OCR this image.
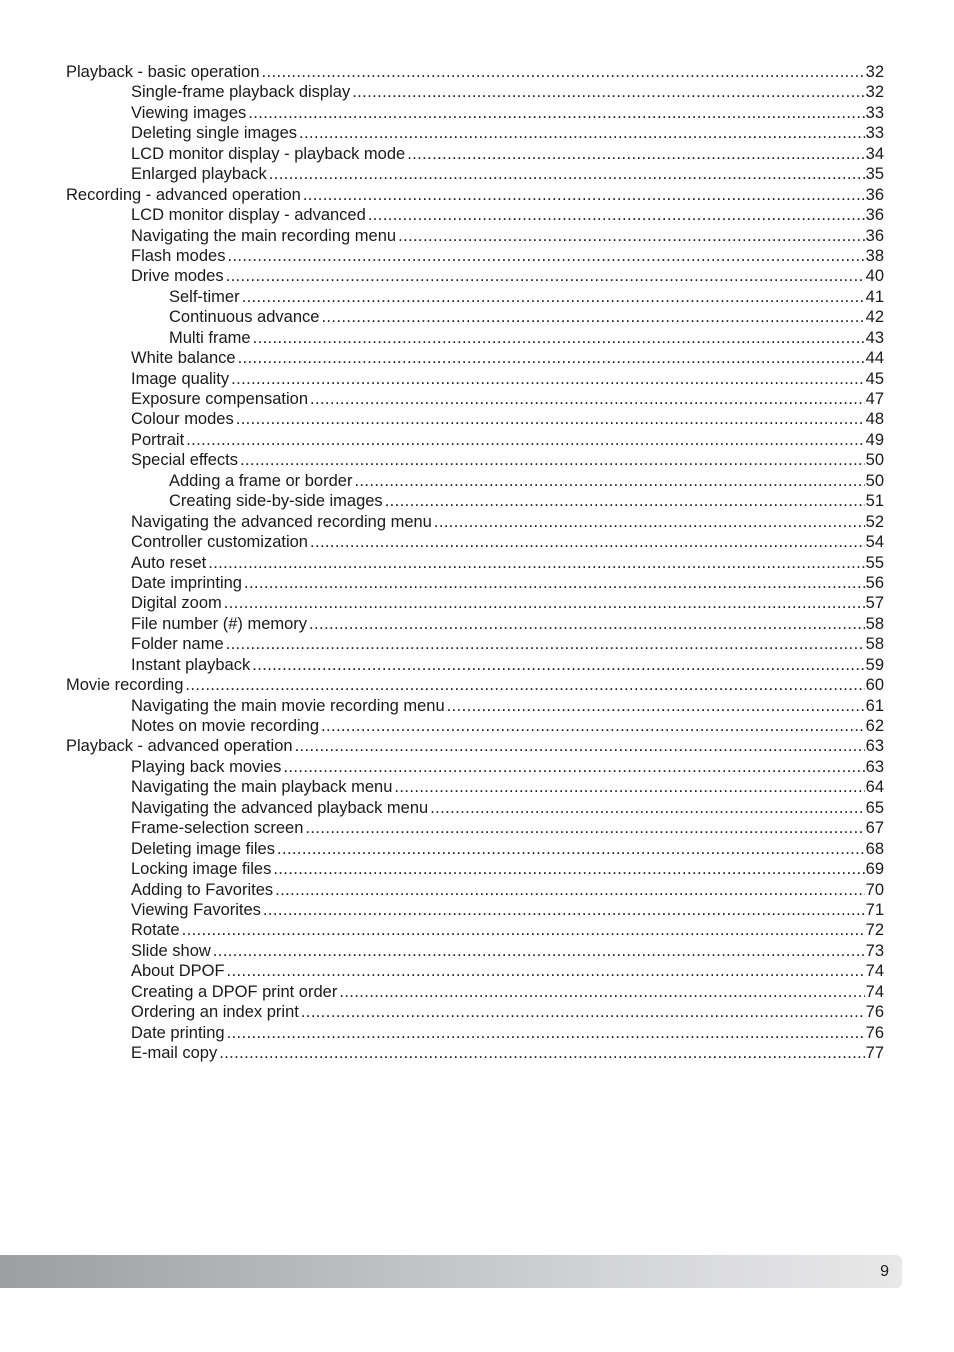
Playback - basic operation .....	32
Single-frame playback display .....	32
Viewing images .....	33
Deleting single images .....	33
LCD monitor display - playback mode .....	34
Enlarged playback .....	35
Recording - advanced operation .....	36
LCD monitor display - advanced .....	36
Navigating the main recording menu .....	36
Flash modes .....	38
Drive modes .....	40
Self-timer .....	41
Continuous advance .....	42
Multi frame .....	43
White balance .....	44
Image quality .....	45
Exposure compensation .....	47
Colour modes .....	48
Portrait .....	49
Special effects .....	50
Adding a frame or border .....	50
Creating side-by-side images .....	51
Navigating the advanced recording menu .....	52
Controller customization .....	54
Auto reset .....	55
Date imprinting .....	56
Digital zoom .....	57
File number (#) memory .....	58
Folder name .....	58
Instant playback .....	59
Movie recording .....	60
Navigating the main movie recording menu .....	61
Notes on movie recording .....	62
Playback - advanced operation .....	63
Playing back movies .....	63
Navigating the main playback menu .....	64
Navigating the advanced playback menu .....	65
Frame-selection screen .....	67
Deleting image files .....	68
Locking image files .....	69
Adding to Favorites .....	70
Viewing Favorites .....	71
Rotate .....	72
Slide show .....	73
About DPOF .....	74
Creating a DPOF print order .....	74
Ordering an index print .....	76
Date printing .....	76
E-mail copy .....	77
9
